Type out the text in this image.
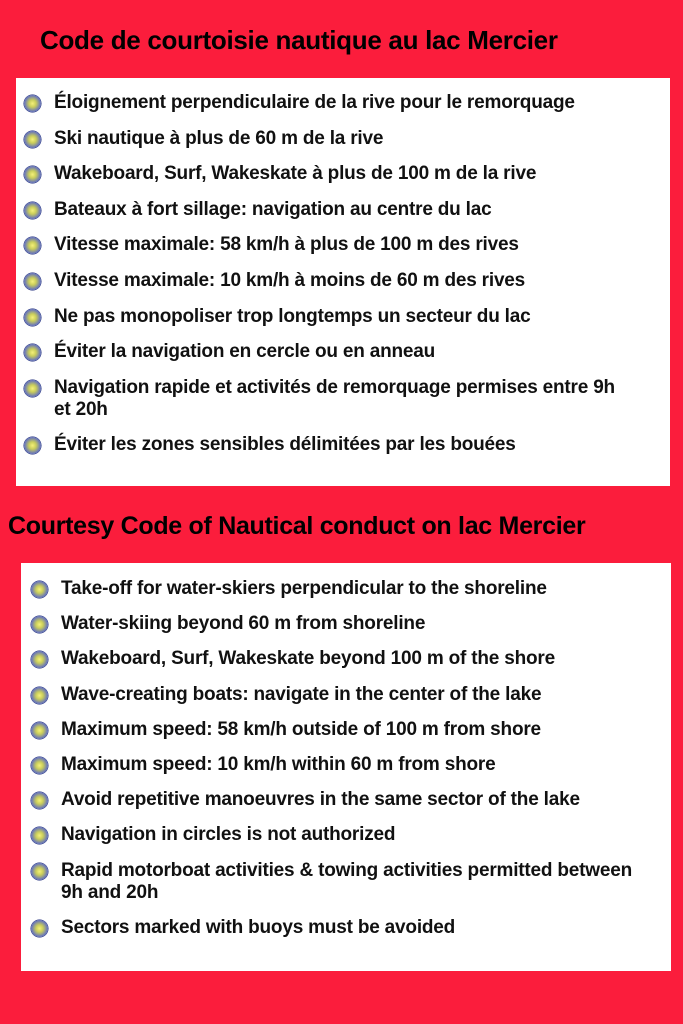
Code de courtoisie nautique au lac Mercier
Éloignement perpendiculaire de la rive pour le remorquage
Ski nautique à plus de 60 m de la rive
Wakeboard, Surf, Wakeskate à plus de 100 m de la rive
Bateaux à fort sillage: navigation au centre du lac
Vitesse maximale: 58 km/h à plus de 100 m des rives
Vitesse maximale: 10 km/h à moins de 60 m des rives
Ne pas monopoliser trop longtemps un secteur du lac
Éviter la navigation en cercle ou en anneau
Navigation rapide et activités de remorquage permises entre 9h et 20h
Éviter les zones sensibles délimitées par les bouées
Courtesy Code of Nautical conduct on lac Mercier
Take-off for water-skiers perpendicular to the shoreline
Water-skiing beyond 60 m from shoreline
Wakeboard, Surf, Wakeskate beyond 100 m of the shore
Wave-creating boats: navigate in the center of the lake
Maximum speed: 58 km/h outside of 100 m from shore
Maximum speed: 10 km/h within 60 m from shore
Avoid repetitive manoeuvres in the same sector of the lake
Navigation in circles is not authorized
Rapid motorboat activities & towing activities permitted between 9h and 20h
Sectors marked with buoys must be avoided
